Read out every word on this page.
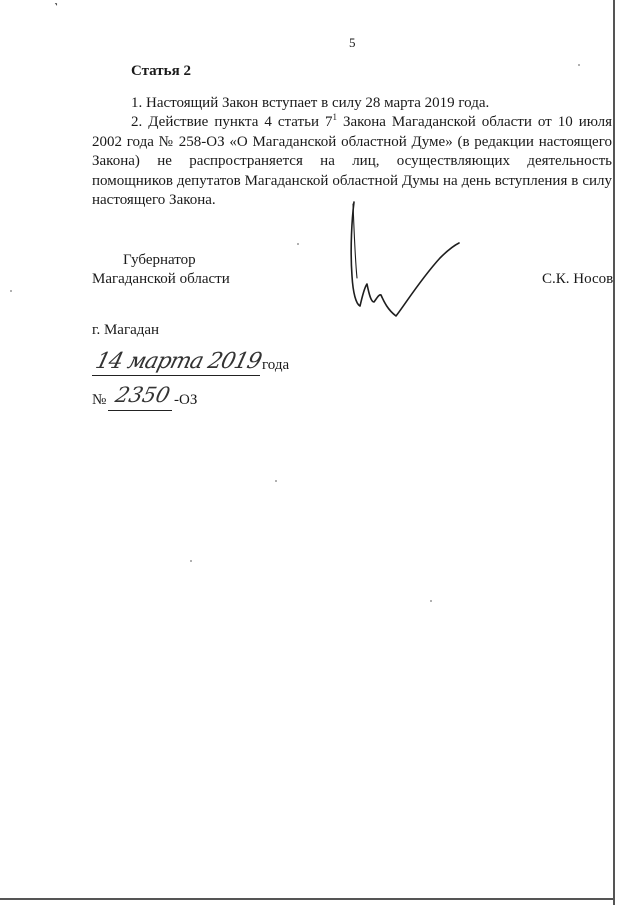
˺
5
Статья 2

1. Настоящий Закон вступает в силу 28 марта 2019 года.

2. Действие пункта 4 статьи $7^1$ Закона Магаданской области от 10 июля 2002 года № 258-ОЗ «О Магаданской областной Думе» (в редакции настоящего Закона) не распространяется на лиц, осуществляющих деятельность помощников депутатов Магаданской областной Думы на день вступления в силу настоящего Закона.

Губернатор
Магаданской области	С.К. Носов
г. Магадан
14 марта 2019
года
№ 2350 -ОЗ
